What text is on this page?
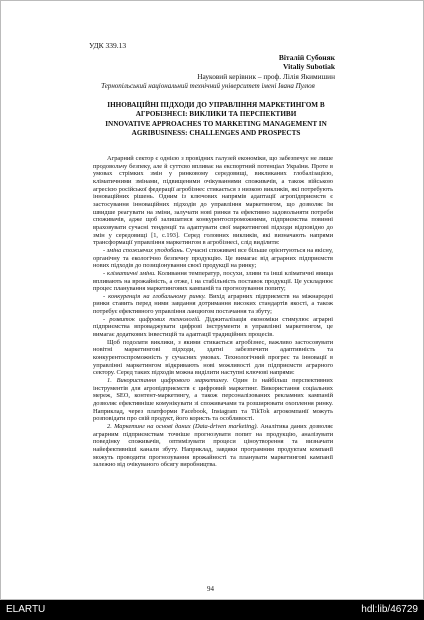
УДК 339.13
Віталій Субоняк
Vitaliy Subotiak
Науковий керівник – проф. Лілія Якимишин
Тернопільський національний технічний університет імені Івана Пулюя
ІННОВАЦІЙНІ ПІДХОДИ ДО УПРАВЛІННЯ МАРКЕТИНГОМ В
АГРОБІЗНЕСІ: ВИКЛИКИ ТА ПЕРСПЕКТИВИ
INNOVATIVE APPROACHES TO MARKETING MANAGEMENT IN
AGRIBUSINESS: CHALLENGES AND PROSPECTS

Аграрний сектор є однією з провідних галузей економіки, що забезпечує не лише продовольчу безпеку, але й суттєво впливає на експортний потенціал України. Проте в умовах стрімких змін у ринковому середовищі, викликаних глобалізацією, кліматичними змінами, підвищеними очікуваннями споживачів, а також війською агресією російської федерації агробізнес стикається з низкою викликів, які потребують інноваційних рішень. Одним із ключових напрямів адаптації агропідприємств є застосування інноваційних підходів до управління маркетингом, що дозволяє їм швидше реагувати на зміни, залучати нові ринки та ефективно задовольняти потреби споживачів, адже щоб залишатися конкурентоспроможними, підприємства повинні враховувати сучасні тенденції та адаптувати свої маркетингові підходи відповідно до змін у середовищі [1, с.193]. Серед головних викликів, які визначають напрями трансформації управління маркетингом в агробізнесі, слід виділити:

- зміна споживчих уподобань. Сучасні споживачі все більше орієнтуються на якісну, органічну та екологічно безпечну продукцію. Це вимагає від аграрних підприємств нових підходів до позиціонування своєї продукції на ринку;

- кліматичні зміни. Коливання температур, посухи, зливи та інші кліматичні явища впливають на врожайність, а отже, і на стабільність поставок продукції. Це ускладнює процес планування маркетингових кампаній та прогнозування попиту;

- конкуренція на глобальному ринку. Вихід аграрних підприємств на міжнародні ринки ставить перед ними завдання дотримання високих стандартів якості, а також потребує ефективного управління ланцюгом постачання та збуту;

- розвиток цифрових технологій. Діджиталізація економіки стимулює аграрні підприємства впроваджувати цифрові інструменти в управлінні маркетингом, це вимагає додаткових інвестицій та адаптації традиційних процесів.

Щоб подолати виклики, з якими стикається агробізнес, важливо застосовувати новітні маркетингові підходи, здатні забезпечити адаптивність та конкурентоспроможність у сучасних умовах. Технологічний прогрес та інновації в управлінні маркетингом відкривають нові можливості для підприємств аграрного сектору. Серед таких підходів можна виділити наступні ключові напрями:

1. Використання цифрового маркетингу. Один із найбільш перспективних інструментів для агропідприємств є цифровий маркетинг. Використання соціальних мереж, SEO, контент-маркетингу, а також персоналізованих рекламних кампаній дозволяє ефективніше комунікувати зі споживачами та розширювати охоплення ринку. Наприклад, через платформи Facebook, Instagram та TikTok агрокомпанії можуть розповідати про свій продукт, його користь та особливості.

2. Маркетинг на основі даних (Data-driven marketing). Аналітика даних дозволяє аграрним підприємствам точніше прогнозувати попит на продукцію, аналізувати поведінку споживачів, оптимізувати процеси ціноутворення та визначати найефективніші канали збуту. Наприклад, завдяки програмним продуктам компанії можуть проводити прогнозування врожайності та планувати маркетингові кампанії залежно від очікуваного обсягу виробництва.

94
ELARTU	hdl:lib/46729
